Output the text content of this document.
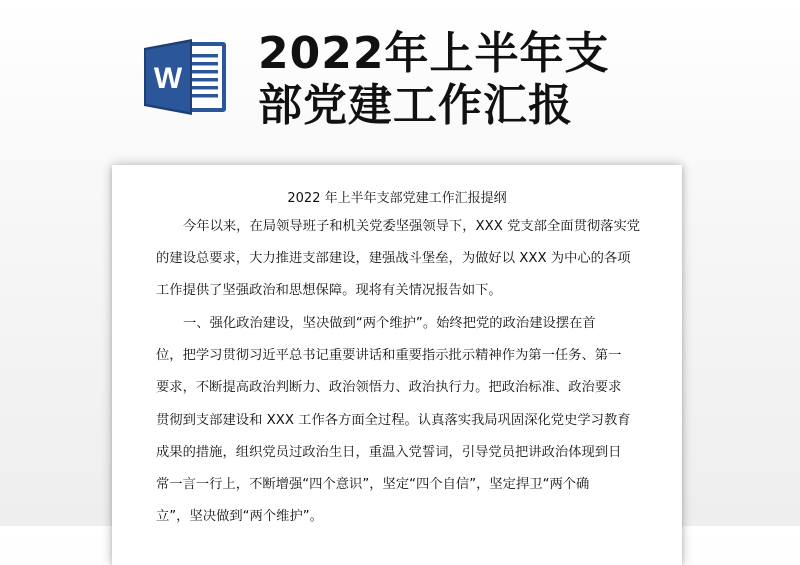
W 2022年上半年支
部党建工作汇报
2022 年上半年支部党建工作汇报提纲
今年以来，在局领导班子和机关党委坚强领导下，XXX 党支部全面贯彻落实党
的建设总要求，大力推进支部建设，建强战斗堡垒，为做好以 XXX 为中心的各项
工作提供了坚强政治和思想保障。现将有关情况报告如下。
一、强化政治建设，坚决做到“两个维护”。始终把党的政治建设摆在首
位，把学习贯彻习近平总书记重要讲话和重要指示批示精神作为第一任务、第一
要求，不断提高政治判断力、政治领悟力、政治执行力。把政治标准、政治要求
贯彻到支部建设和 XXX 工作各方面全过程。认真落实我局巩固深化党史学习教育
成果的措施，组织党员过政治生日，重温入党誓词，引导党员把讲政治体现到日
常一言一行上，不断增强“四个意识”，坚定“四个自信”，坚定捍卫“两个确
立”，坚决做到“两个维护”。
